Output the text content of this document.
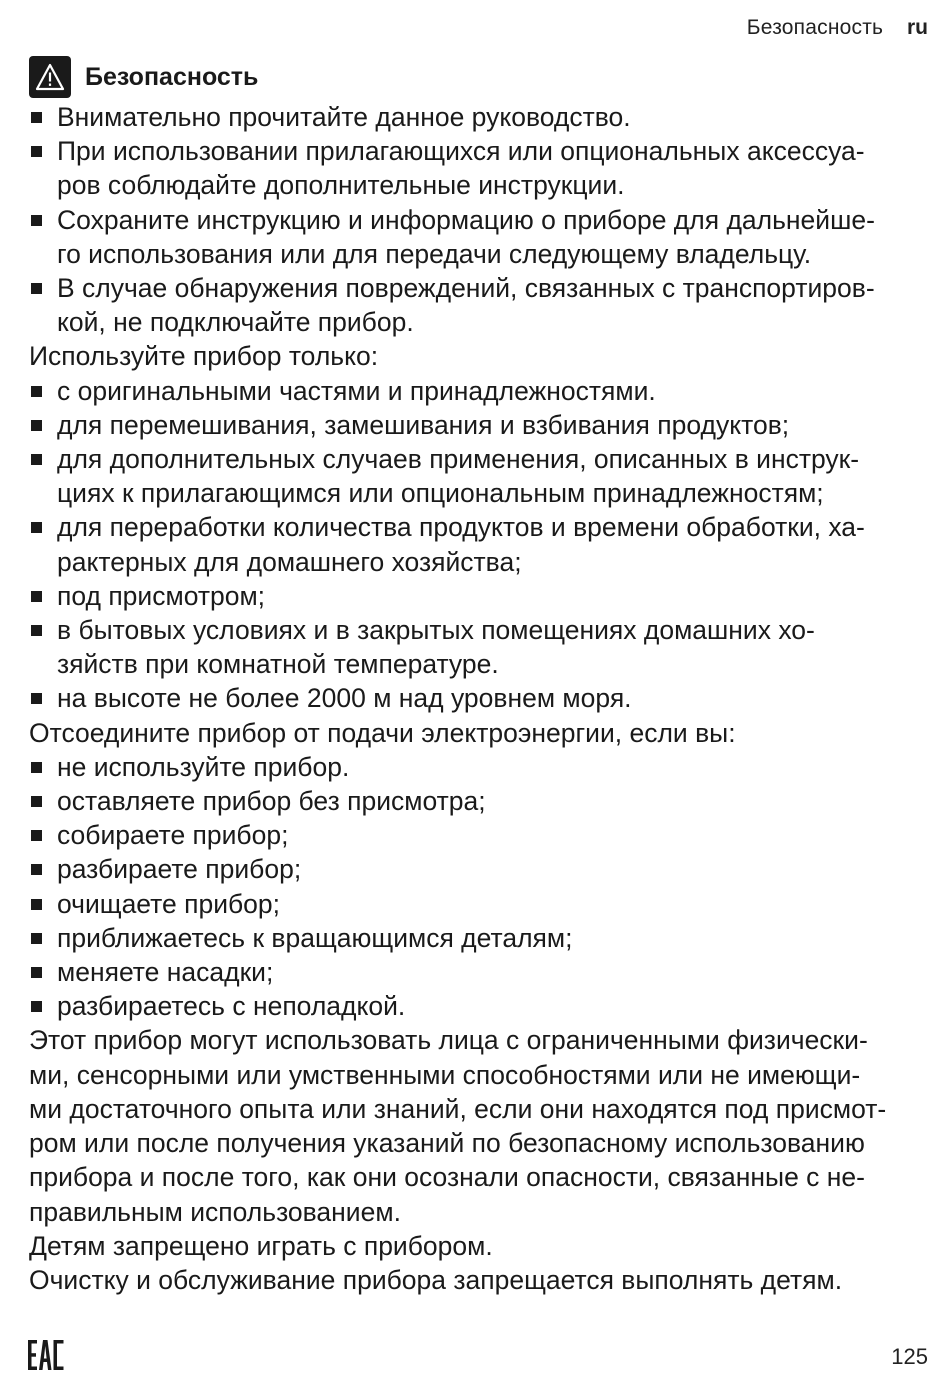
Безопасность ru
Безопасность
Внимательно прочитайте данное руководство.
При использовании прилагающихся или опциональных аксессуа-
ров соблюдайте дополнительные инструкции.
Сохраните инструкцию и информацию о приборе для дальнейше-
го использования или для передачи следующему владельцу.
В случае обнаружения повреждений, связанных с транспортиров-
кой, не подключайте прибор.

Используйте прибор только:

с оригинальными частями и принадлежностями.
для перемешивания, замешивания и взбивания продуктов;
для дополнительных случаев применения, описанных в инструк-
циях к прилагающимся или опциональным принадлежностям;
для переработки количества продуктов и времени обработки, ха-
рактерных для домашнего хозяйства;
под присмотром;
в бытовых условиях и в закрытых помещениях домашних хо-
зяйств при комнатной температуре.
на высоте не более 2000 м над уровнем моря.

Отсоедините прибор от подачи электроэнергии, если вы:

не используйте прибор.
оставляете прибор без присмотра;
собираете прибор;
разбираете прибор;
очищаете прибор;
приближаетесь к вращающимся деталям;
меняете насадки;
разбираетесь с неполадкой.

Этот прибор могут использовать лица с ограниченными физически-
ми, сенсорными или умственными способностями или не имеющи-
ми достаточного опыта или знаний, если они находятся под присмот-
ром или после получения указаний по безопасному использованию
прибора и после того, как они осознали опасности, связанные с не-
правильным использованием.

Детям запрещено играть с прибором.

Очистку и обслуживание прибора запрещается выполнять детям.

125
